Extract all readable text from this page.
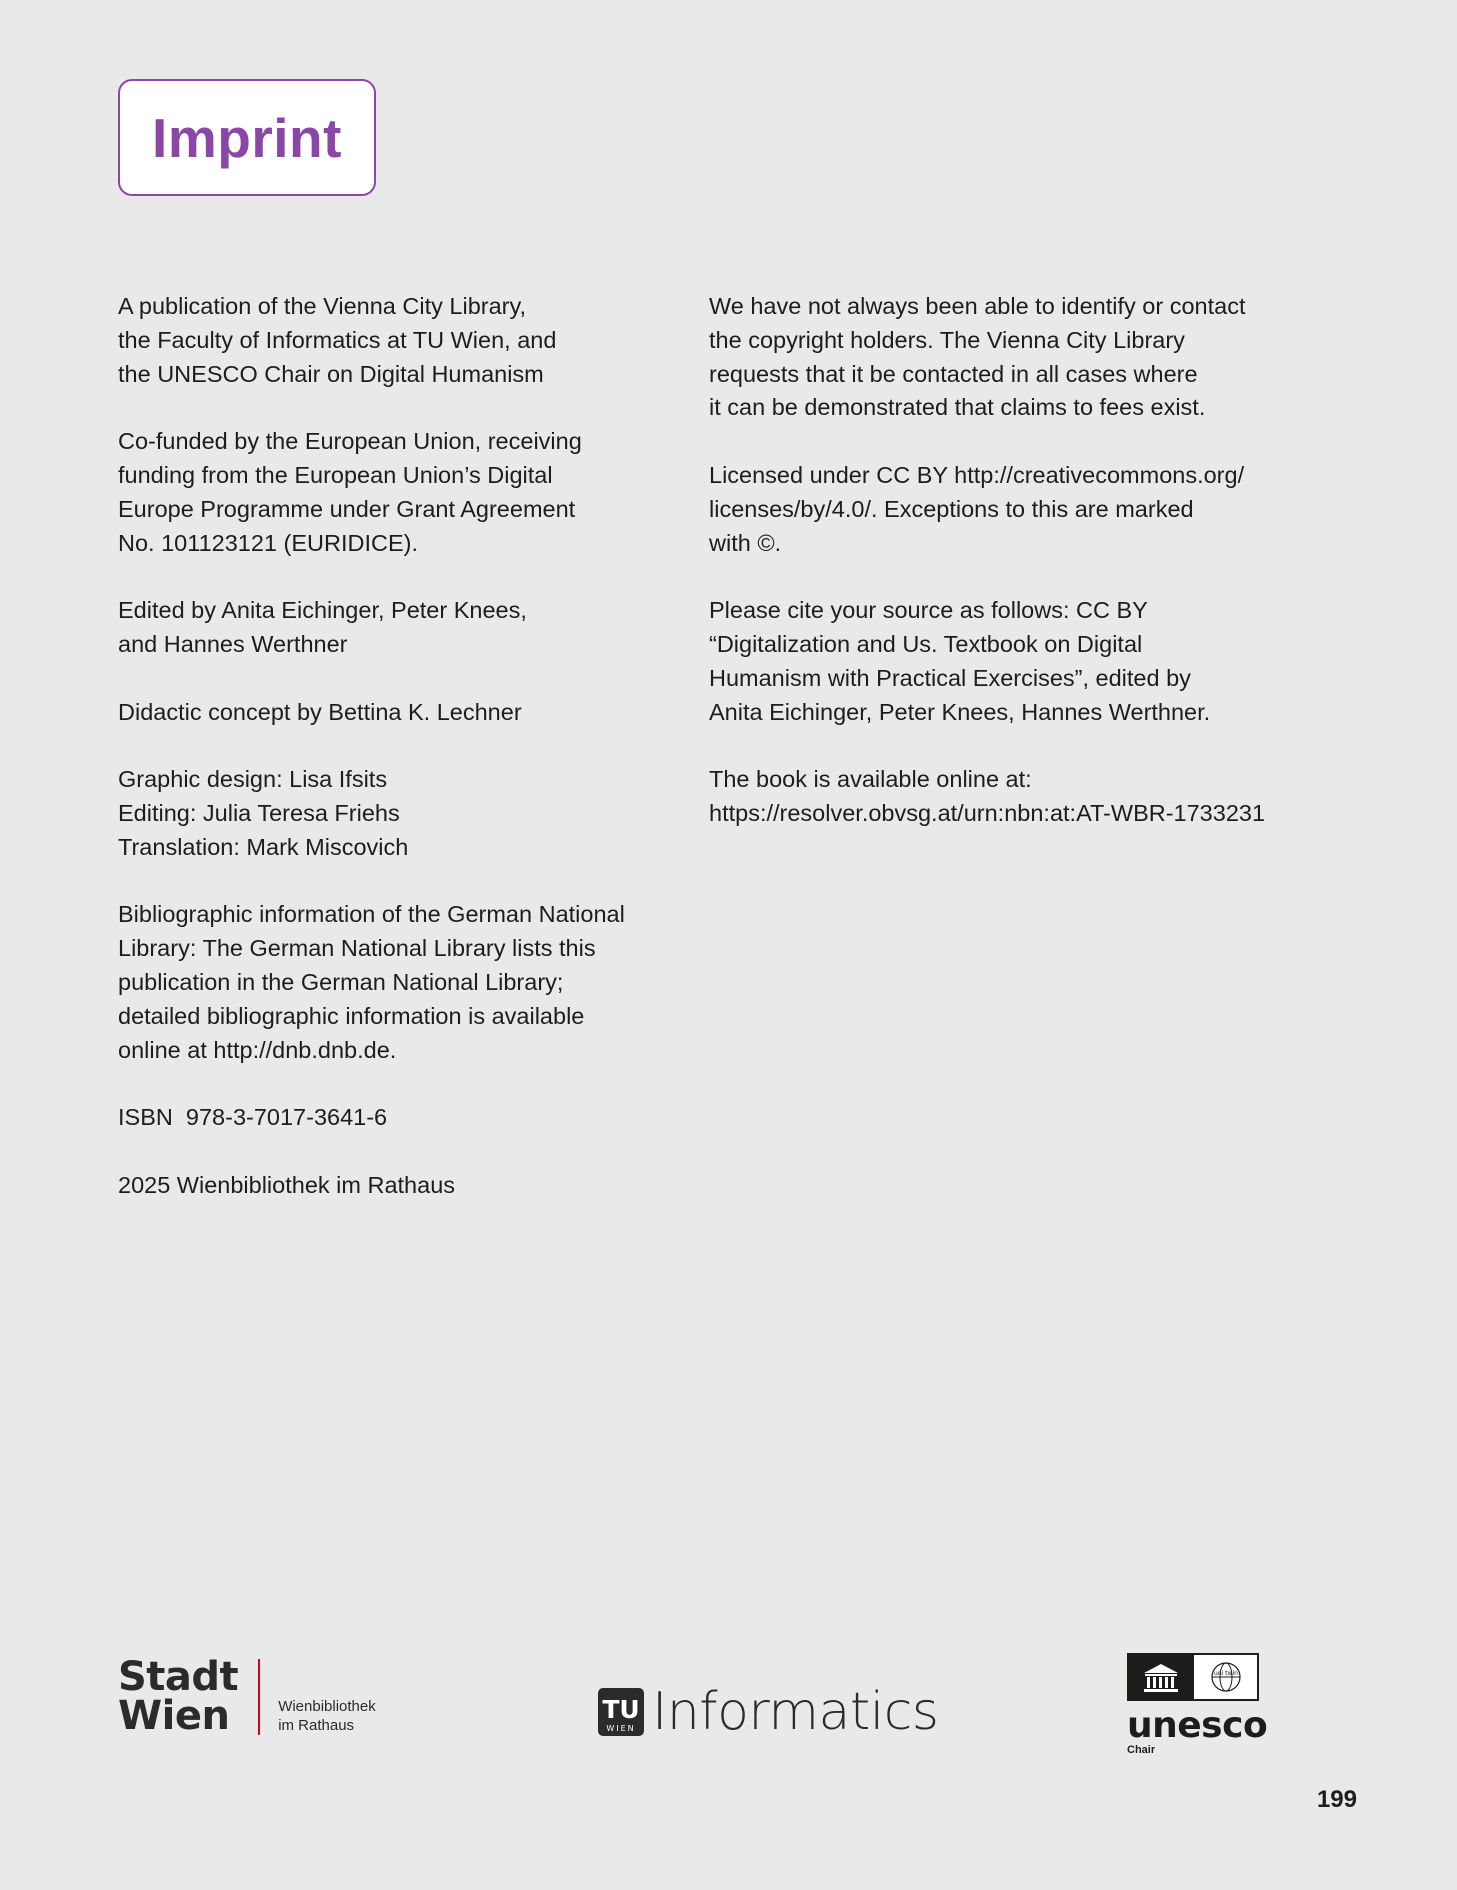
Imprint

A publication of the Vienna City Library,
the Faculty of Informatics at TU Wien, and
the UNESCO Chair on Digital Humanism

Co-funded by the European Union, receiving
funding from the European Union’s Digital
Europe Programme under Grant Agreement
No. 101123121 (EURIDICE).

Edited by Anita Eichinger, Peter Knees,
and Hannes Werthner

Didactic concept by Bettina K. Lechner

Graphic design: Lisa Ifsits
Editing: Julia Teresa Friehs
Translation: Mark Miscovich

Bibliographic information of the German National
Library: The German National Library lists this
publication in the German National Library;
detailed bibliographic information is available
online at http://dnb.dnb.de.

ISBN  978-3-7017-3641-6

2025 Wienbibliothek im Rathaus

We have not always been able to identify or contact
the copyright holders. The Vienna City Library
requests that it be contacted in all cases where
it can be demonstrated that claims to fees exist.

Licensed under CC BY http://creativecommons.org/
licenses/by/4.0/. Exceptions to this are marked
with ©.

Please cite your source as follows: CC BY
“Digitalization and Us. Textbook on Digital
Humanism with Practical Exercises”, edited by
Anita Eichinger, Peter Knees, Hannes Werthner.

The book is available online at:
https://resolver.obvsg.at/urn:nbn:at:AT-WBR-1733231

Stadt
Wien	Wienbibliothek
im Rathaus
TU
WIEN Informatics
uni twin
unesco
Chair
199
